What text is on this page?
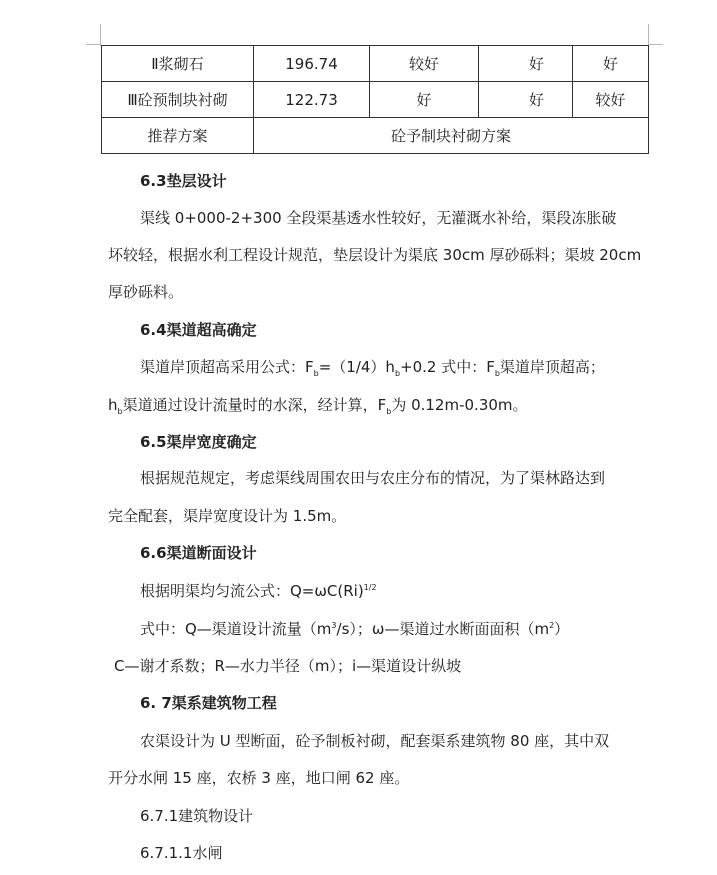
Ⅱ浆砌石	196.74	较好	好	好
Ⅲ砼预制块衬砌	122.73	好	好	较好
推荐方案	砼予制块衬砌方案			
6.3垫层设计
渠线 0+000-2+300 全段渠基透水性较好，无灌溉水补给，渠段冻胀破
坏较轻，根据水利工程设计规范，垫层设计为渠底 30cm 厚砂砾料；渠坡 20cm
厚砂砾料。
6.4渠道超高确定
渠道岸顶超高采用公式：$F_b=(1/4)h_b+0.2$ 式中：$F_b$渠道岸顶超高；
$h_b$渠道通过设计流量时的水深，经计算，$F_b$为 0.12m-0.30m。
6.5渠岸宽度确定
根据规范规定，考虑渠线周围农田与农庄分布的情况，为了渠林路达到
完全配套，渠岸宽度设计为 1.5m。
6.6渠道断面设计
根据明渠均匀流公式：$Q=\omega C(Ri)^{1/2}$
式中：Q—渠道设计流量$(m^3/s)$；ω—渠道过水断面面积$(m^2)$
C—谢才系数；R—水力半径（m）；i—渠道设计纵坡
6. 7渠系建筑物工程
农渠设计为 U 型断面，砼予制板衬砌，配套渠系建筑物 80 座，其中双
开分水闸 15 座，农桥 3 座，地口闸 62 座。
6.7.1建筑物设计
6.7.1.1水闸
